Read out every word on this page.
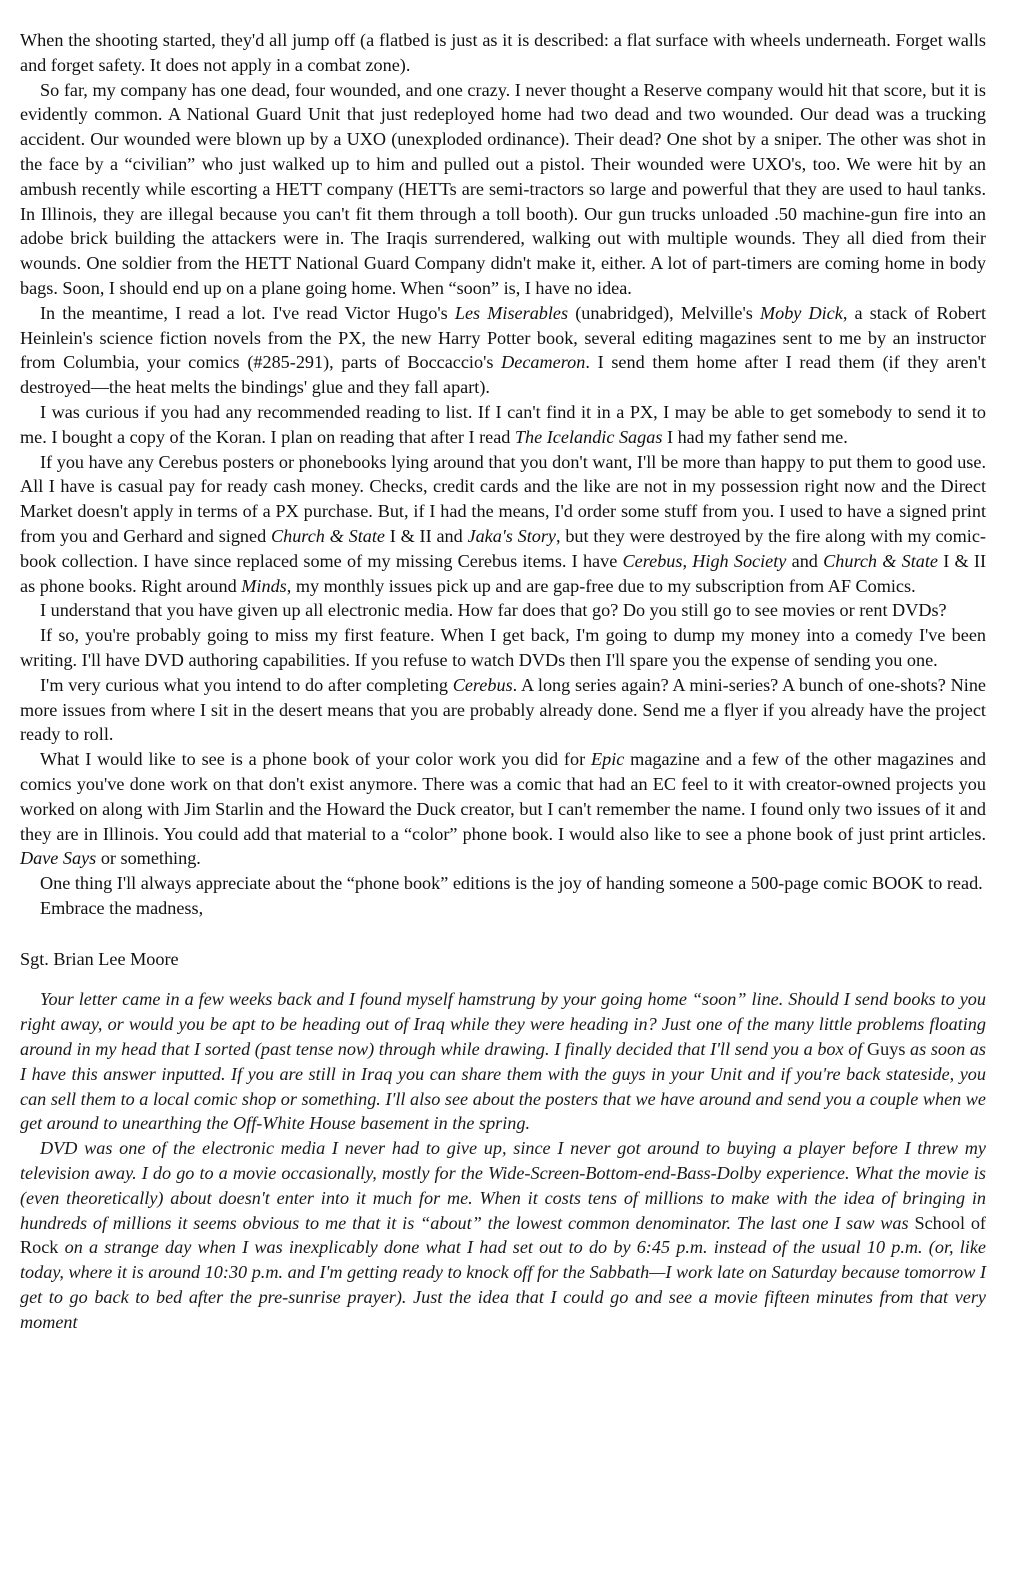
When the shooting started, they'd all jump off (a flatbed is just as it is described: a flat surface with wheels underneath. Forget walls and forget safety. It does not apply in a combat zone).

So far, my company has one dead, four wounded, and one crazy. I never thought a Reserve company would hit that score, but it is evidently common. A National Guard Unit that just redeployed home had two dead and two wounded. Our dead was a trucking accident. Our wounded were blown up by a UXO (unexploded ordinance). Their dead? One shot by a sniper. The other was shot in the face by a “civilian” who just walked up to him and pulled out a pistol. Their wounded were UXO's, too. We were hit by an ambush recently while escorting a HETT company (HETTs are semi-tractors so large and powerful that they are used to haul tanks. In Illinois, they are illegal because you can't fit them through a toll booth). Our gun trucks unloaded .50 machine-gun fire into an adobe brick building the attackers were in. The Iraqis surrendered, walking out with multiple wounds. They all died from their wounds. One soldier from the HETT National Guard Company didn't make it, either. A lot of part-timers are coming home in body bags. Soon, I should end up on a plane going home. When “soon” is, I have no idea.

In the meantime, I read a lot. I've read Victor Hugo's Les Miserables (unabridged), Melville's Moby Dick, a stack of Robert Heinlein's science fiction novels from the PX, the new Harry Potter book, several editing magazines sent to me by an instructor from Columbia, your comics (#285-291), parts of Boccaccio's Decameron. I send them home after I read them (if they aren't destroyed—the heat melts the bindings' glue and they fall apart).

I was curious if you had any recommended reading to list. If I can't find it in a PX, I may be able to get somebody to send it to me. I bought a copy of the Koran. I plan on reading that after I read The Icelandic Sagas I had my father send me.

If you have any Cerebus posters or phonebooks lying around that you don't want, I'll be more than happy to put them to good use. All I have is casual pay for ready cash money. Checks, credit cards and the like are not in my possession right now and the Direct Market doesn't apply in terms of a PX purchase. But, if I had the means, I'd order some stuff from you. I used to have a signed print from you and Gerhard and signed Church & State I & II and Jaka's Story, but they were destroyed by the fire along with my comic-book collection. I have since replaced some of my missing Cerebus items. I have Cerebus, High Society and Church & State I & II as phone books. Right around Minds, my monthly issues pick up and are gap-free due to my subscription from AF Comics.

I understand that you have given up all electronic media. How far does that go? Do you still go to see movies or rent DVDs?

If so, you're probably going to miss my first feature. When I get back, I'm going to dump my money into a comedy I've been writing. I'll have DVD authoring capabilities. If you refuse to watch DVDs then I'll spare you the expense of sending you one.

I'm very curious what you intend to do after completing Cerebus. A long series again? A mini-series? A bunch of one-shots? Nine more issues from where I sit in the desert means that you are probably already done. Send me a flyer if you already have the project ready to roll.

What I would like to see is a phone book of your color work you did for Epic magazine and a few of the other magazines and comics you've done work on that don't exist anymore. There was a comic that had an EC feel to it with creator-owned projects you worked on along with Jim Starlin and the Howard the Duck creator, but I can't remember the name. I found only two issues of it and they are in Illinois. You could add that material to a “color” phone book. I would also like to see a phone book of just print articles. Dave Says or something.

One thing I'll always appreciate about the “phone book” editions is the joy of handing someone a 500-page comic BOOK to read.

Embrace the madness,

Sgt. Brian Lee Moore

Your letter came in a few weeks back and I found myself hamstrung by your going home “soon” line. Should I send books to you right away, or would you be apt to be heading out of Iraq while they were heading in? Just one of the many little problems floating around in my head that I sorted (past tense now) through while drawing. I finally decided that I'll send you a box of Guys as soon as I have this answer inputted. If you are still in Iraq you can share them with the guys in your Unit and if you're back stateside, you can sell them to a local comic shop or something. I'll also see about the posters that we have around and send you a couple when we get around to unearthing the Off-White House basement in the spring.

DVD was one of the electronic media I never had to give up, since I never got around to buying a player before I threw my television away. I do go to a movie occasionally, mostly for the Wide-Screen-Bottom-end-Bass-Dolby experience. What the movie is (even theoretically) about doesn't enter into it much for me. When it costs tens of millions to make with the idea of bringing in hundreds of millions it seems obvious to me that it is “about” the lowest common denominator. The last one I saw was School of Rock on a strange day when I was inexplicably done what I had set out to do by 6:45 p.m. instead of the usual 10 p.m. (or, like today, where it is around 10:30 p.m. and I'm getting ready to knock off for the Sabbath—I work late on Saturday because tomorrow I get to go back to bed after the pre-sunrise prayer). Just the idea that I could go and see a movie fifteen minutes from that very moment
